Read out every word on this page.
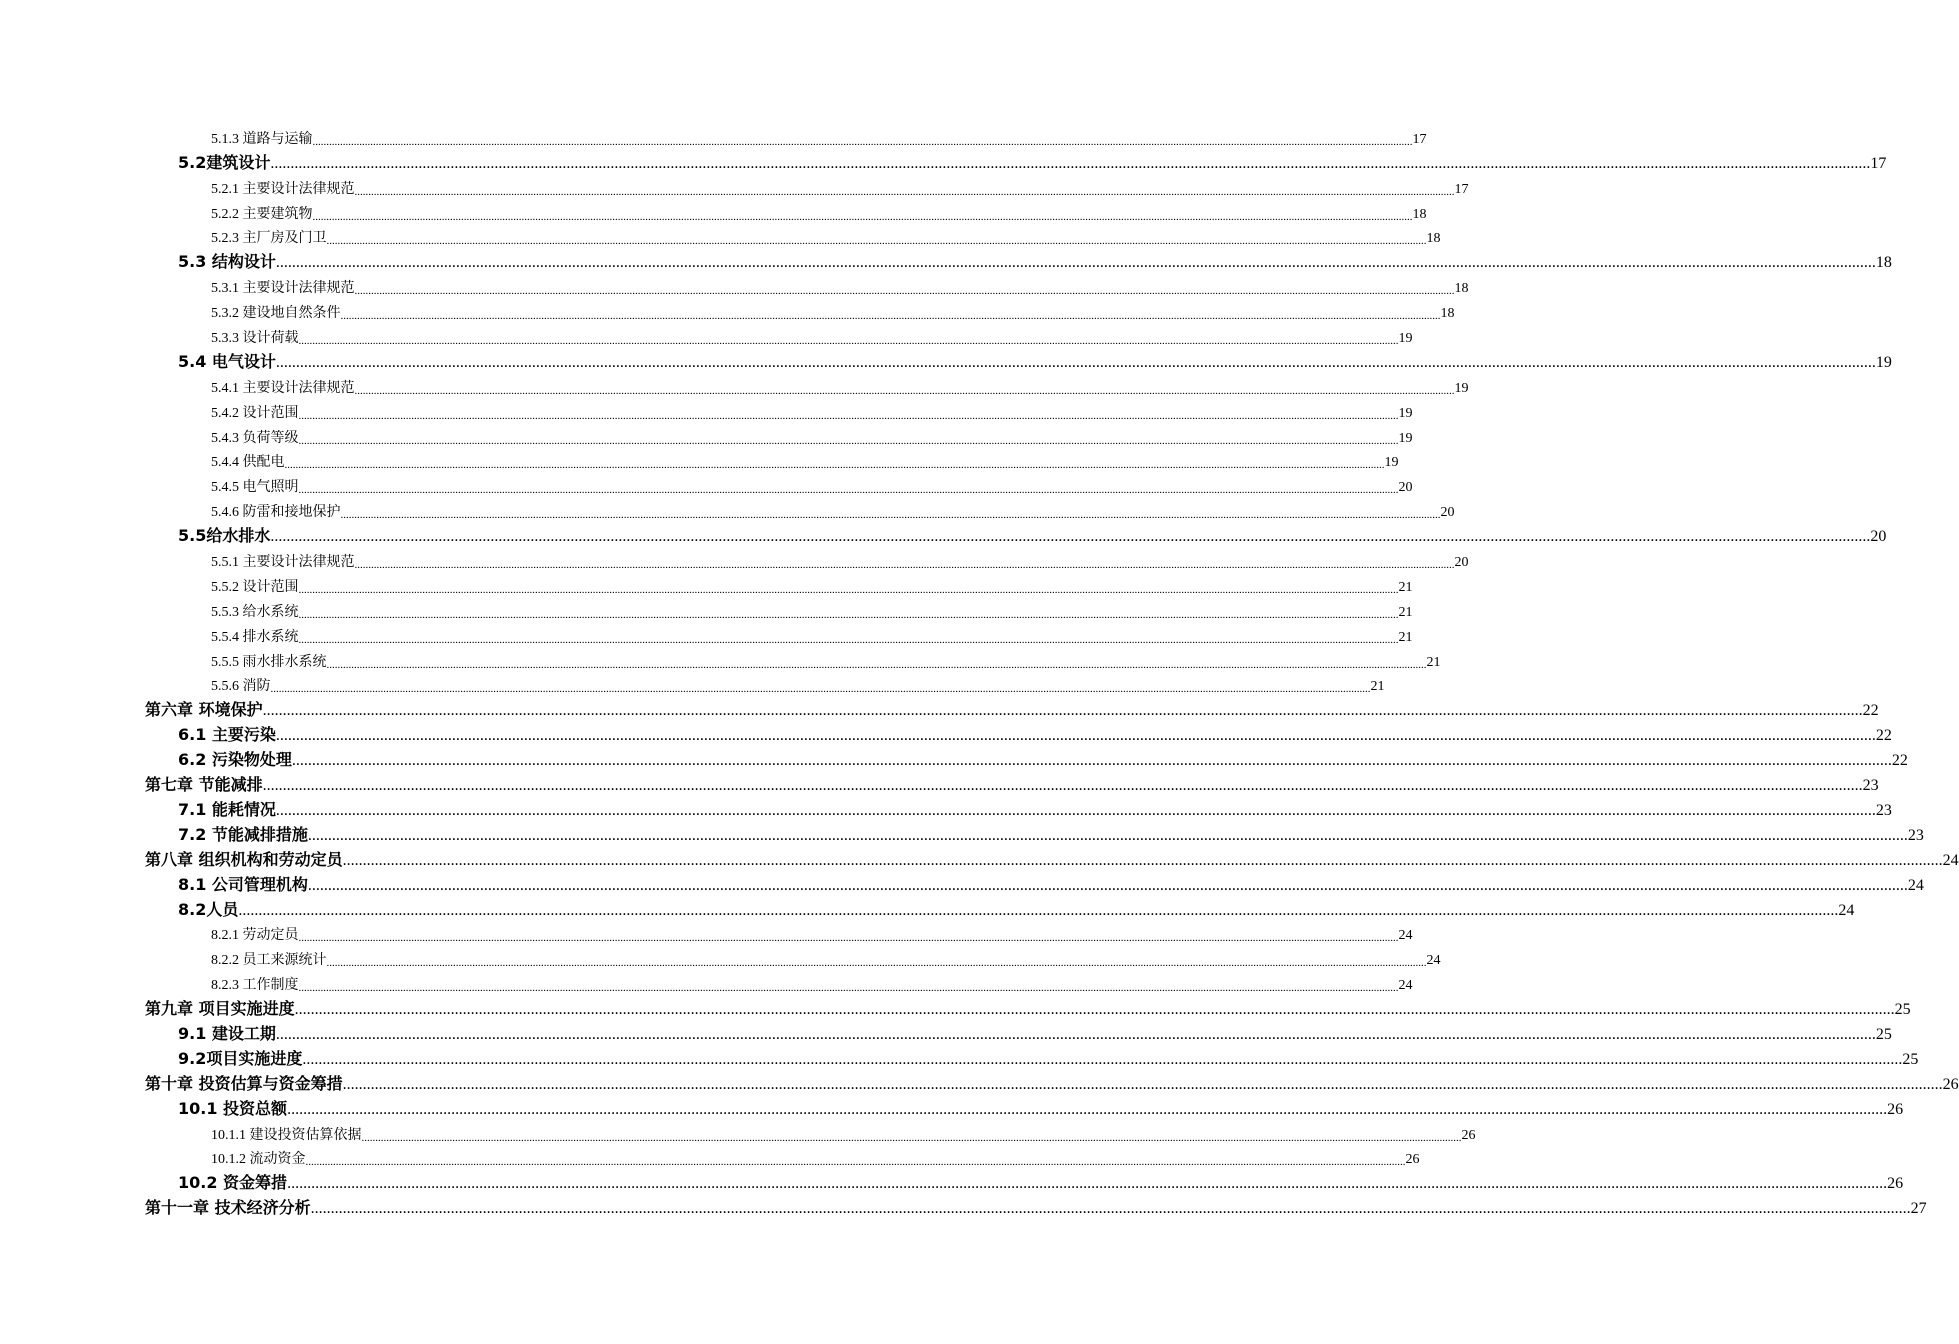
5.1.3 道路与运输 ................................................................................................................................................................................................................................................................................................................................................................................................................ 17
5.2建筑设计 ................................................................................................................................................................................................................................................................................................................................................................................................................ 17
5.2.1 主要设计法律规范 ................................................................................................................................................................................................................................................................................................................................................................................................................ 17
5.2.2 主要建筑物 ................................................................................................................................................................................................................................................................................................................................................................................................................ 18
5.2.3 主厂房及门卫 ................................................................................................................................................................................................................................................................................................................................................................................................................ 18
5.3 结构设计 ................................................................................................................................................................................................................................................................................................................................................................................................................ 18
5.3.1 主要设计法律规范 ................................................................................................................................................................................................................................................................................................................................................................................................................ 18
5.3.2 建设地自然条件 ................................................................................................................................................................................................................................................................................................................................................................................................................ 18
5.3.3 设计荷载 ................................................................................................................................................................................................................................................................................................................................................................................................................ 19
5.4 电气设计 ................................................................................................................................................................................................................................................................................................................................................................................................................ 19
5.4.1 主要设计法律规范 ................................................................................................................................................................................................................................................................................................................................................................................................................ 19
5.4.2 设计范围 ................................................................................................................................................................................................................................................................................................................................................................................................................ 19
5.4.3 负荷等级 ................................................................................................................................................................................................................................................................................................................................................................................................................ 19
5.4.4 供配电 ................................................................................................................................................................................................................................................................................................................................................................................................................ 19
5.4.5 电气照明 ................................................................................................................................................................................................................................................................................................................................................................................................................ 20
5.4.6 防雷和接地保护 ................................................................................................................................................................................................................................................................................................................................................................................................................ 20
5.5给水排水 ................................................................................................................................................................................................................................................................................................................................................................................................................ 20
5.5.1 主要设计法律规范 ................................................................................................................................................................................................................................................................................................................................................................................................................ 20
5.5.2 设计范围 ................................................................................................................................................................................................................................................................................................................................................................................................................ 21
5.5.3 给水系统 ................................................................................................................................................................................................................................................................................................................................................................................................................ 21
5.5.4 排水系统 ................................................................................................................................................................................................................................................................................................................................................................................................................ 21
5.5.5 雨水排水系统 ................................................................................................................................................................................................................................................................................................................................................................................................................ 21
5.5.6 消防 ................................................................................................................................................................................................................................................................................................................................................................................................................ 21
第六章 环境保护 ................................................................................................................................................................................................................................................................................................................................................................................................................ 22
6.1 主要污染 ................................................................................................................................................................................................................................................................................................................................................................................................................ 22
6.2 污染物处理 ................................................................................................................................................................................................................................................................................................................................................................................................................ 22
第七章 节能减排 ................................................................................................................................................................................................................................................................................................................................................................................................................ 23
7.1 能耗情况 ................................................................................................................................................................................................................................................................................................................................................................................................................ 23
7.2 节能减排措施 ................................................................................................................................................................................................................................................................................................................................................................................................................ 23
第八章 组织机构和劳动定员 ................................................................................................................................................................................................................................................................................................................................................................................................................ 24
8.1 公司管理机构 ................................................................................................................................................................................................................................................................................................................................................................................................................ 24
8.2人员 ................................................................................................................................................................................................................................................................................................................................................................................................................ 24
8.2.1 劳动定员 ................................................................................................................................................................................................................................................................................................................................................................................................................ 24
8.2.2 员工来源统计 ................................................................................................................................................................................................................................................................................................................................................................................................................ 24
8.2.3 工作制度 ................................................................................................................................................................................................................................................................................................................................................................................................................ 24
第九章 项目实施进度 ................................................................................................................................................................................................................................................................................................................................................................................................................ 25
9.1 建设工期 ................................................................................................................................................................................................................................................................................................................................................................................................................ 25
9.2项目实施进度 ................................................................................................................................................................................................................................................................................................................................................................................................................ 25
第十章 投资估算与资金筹措 ................................................................................................................................................................................................................................................................................................................................................................................................................ 26
10.1 投资总额 ................................................................................................................................................................................................................................................................................................................................................................................................................ 26
10.1.1 建设投资估算依据 ................................................................................................................................................................................................................................................................................................................................................................................................................ 26
10.1.2 流动资金 ................................................................................................................................................................................................................................................................................................................................................................................................................ 26
10.2 资金筹措 ................................................................................................................................................................................................................................................................................................................................................................................................................ 26
第十一章 技术经济分析 ................................................................................................................................................................................................................................................................................................................................................................................................................ 27
